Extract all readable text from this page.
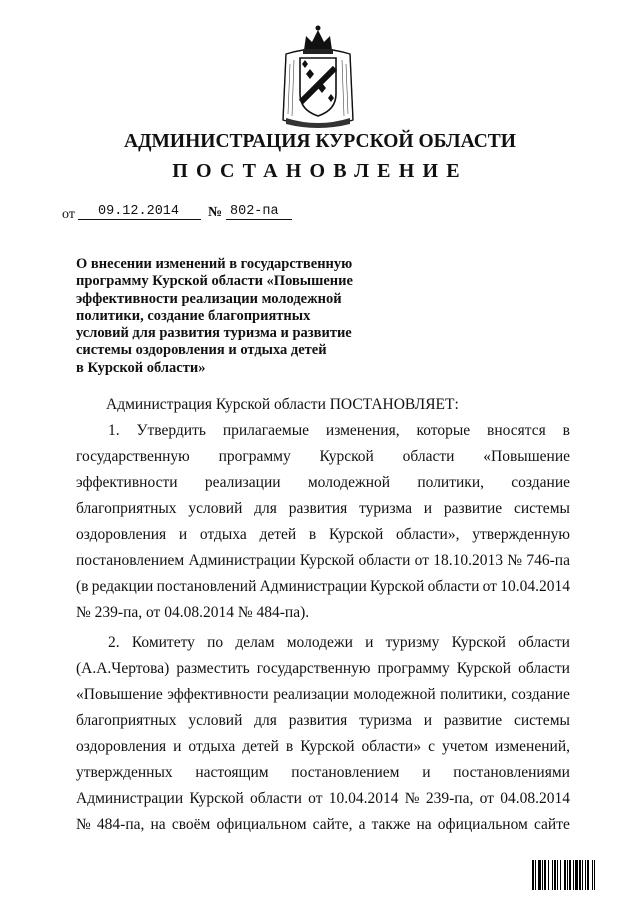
АДМИНИСТРАЦИЯ КУРСКОЙ ОБЛАСТИ
ПОСТАНОВЛЕНИЕ
от 09.12.2014 № 802-па
О внесении изменений в государственную
программу Курской области «Повышение
эффективности реализации молодежной
политики, создание благоприятных
условий для развития туризма и развитие
системы оздоровления и отдыха детей
в Курской области»
Администрация Курской области ПОСТАНОВЛЯЕТ:
1. Утвердить прилагаемые изменения, которые вносятся в
государственную программу Курской области «Повышение
эффективности реализации молодежной политики, создание
благоприятных условий для развития туризма и развитие системы
оздоровления и отдыха детей в Курской области», утвержденную
постановлением Администрации Курской области от 18.10.2013 № 746-па
(в редакции постановлений Администрации Курской области от 10.04.2014
№ 239-па, от 04.08.2014 № 484-па).
2. Комитету по делам молодежи и туризму Курской области
(А.А.Чертова) разместить государственную программу Курской области
«Повышение эффективности реализации молодежной политики, создание
благоприятных условий для развития туризма и развитие системы
оздоровления и отдыха детей в Курской области» с учетом изменений,
утвержденных настоящим постановлением и постановлениями
Администрации Курской области от 10.04.2014 № 239-па, от 04.08.2014
№ 484-па, на своём официальном сайте, а также на официальном сайте
